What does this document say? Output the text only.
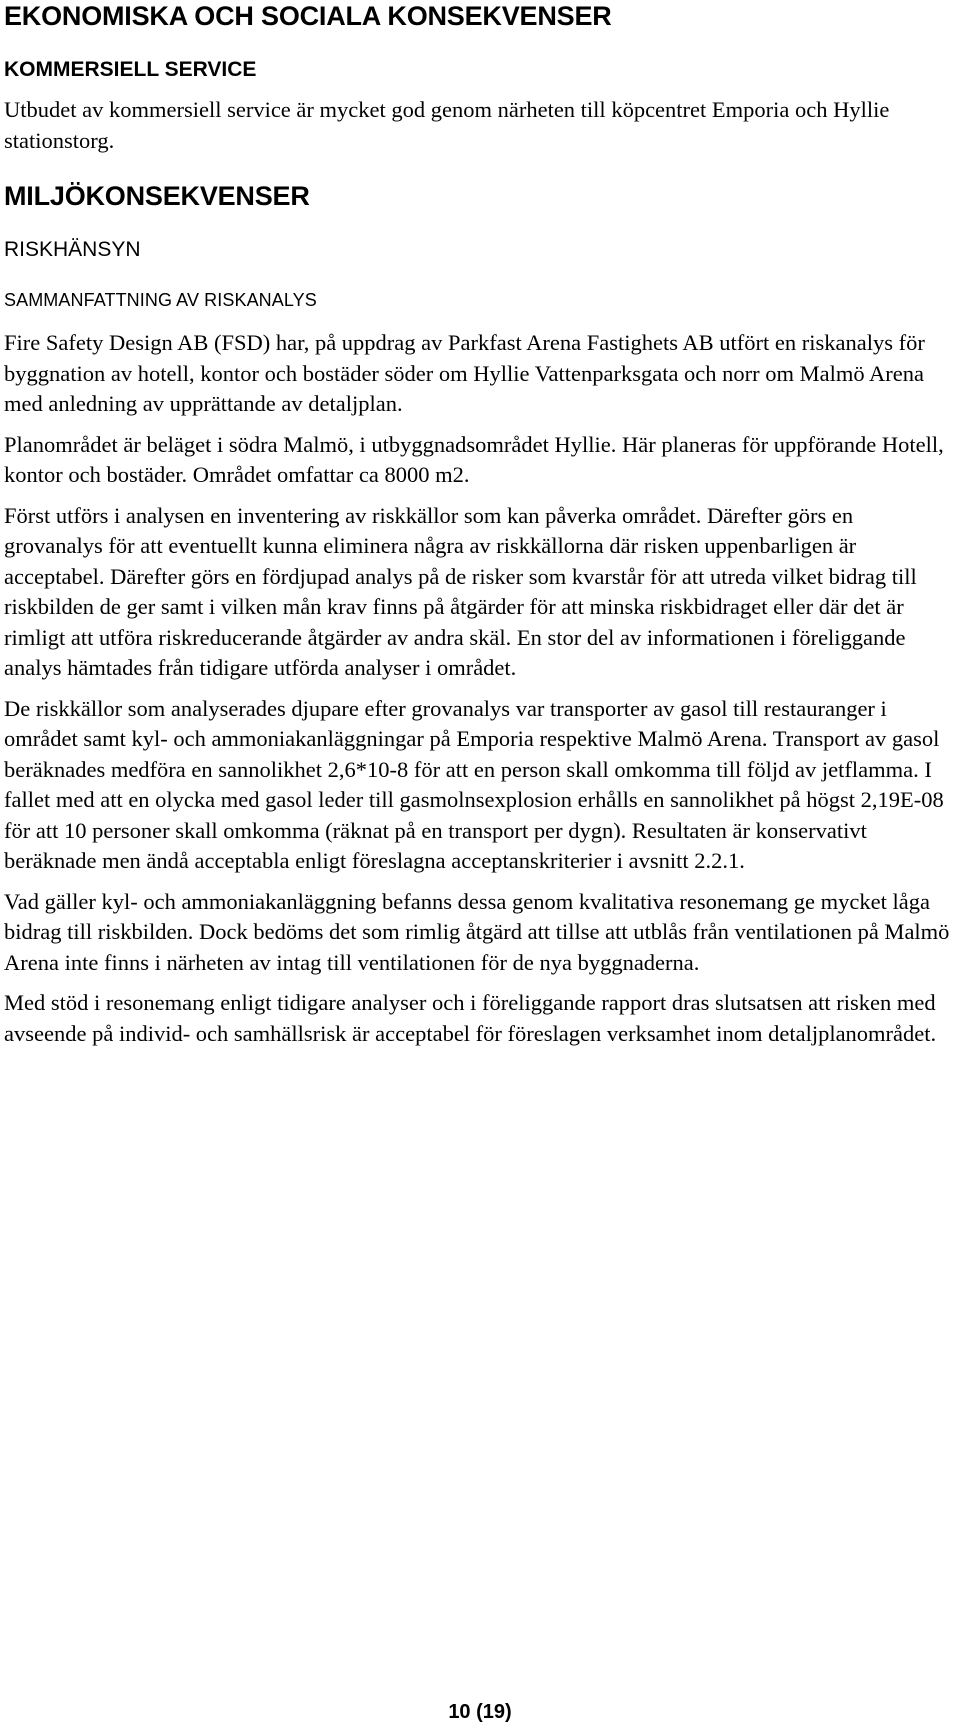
EKONOMISKA OCH SOCIALA KONSEKVENSER
KOMMERSIELL SERVICE

Utbudet av kommersiell service är mycket god genom närheten till köpcentret Emporia och Hyllie stationstorg.

MILJÖKONSEKVENSER
RISKHÄNSYN
SAMMANFATTNING AV RISKANALYS

Fire Safety Design AB (FSD) har, på uppdrag av Parkfast Arena Fastighets AB utfört en riskanalys för byggnation av hotell, kontor och bostäder söder om Hyllie Vattenparksgata och norr om Malmö Arena med anledning av upprättande av detaljplan.

Planområdet är beläget i södra Malmö, i utbyggnadsområdet Hyllie. Här planeras för uppförande Hotell, kontor och bostäder. Området omfattar ca 8000 m2.

Först utförs i analysen en inventering av riskkällor som kan påverka området. Därefter görs en grovanalys för att eventuellt kunna eliminera några av riskkällorna där risken uppenbarligen är acceptabel. Därefter görs en fördjupad analys på de risker som kvarstår för att utreda vilket bidrag till riskbilden de ger samt i vilken mån krav finns på åtgärder för att minska riskbidraget eller där det är rimligt att utföra riskreducerande åtgärder av andra skäl. En stor del av informationen i föreliggande analys hämtades från tidigare utförda analyser i området.

De riskkällor som analyserades djupare efter grovanalys var transporter av gasol till restauranger i området samt kyl- och ammoniakanläggningar på Emporia respektive Malmö Arena. Transport av gasol beräknades medföra en sannolikhet 2,6*10-8 för att en person skall omkomma till följd av jetflamma. I fallet med att en olycka med gasol leder till gasmolnsexplosion erhålls en sannolikhet på högst 2,19E-08 för att 10 personer skall omkomma (räknat på en transport per dygn). Resultaten är konservativt beräknade men ändå acceptabla enligt föreslagna acceptanskriterier i avsnitt 2.2.1.

Vad gäller kyl- och ammoniakanläggning befanns dessa genom kvalitativa resonemang ge mycket låga bidrag till riskbilden. Dock bedöms det som rimlig åtgärd att tillse att utblås från ventilationen på Malmö Arena inte finns i närheten av intag till ventilationen för de nya byggnaderna.

Med stöd i resonemang enligt tidigare analyser och i föreliggande rapport dras slutsatsen att risken med avseende på individ- och samhällsrisk är acceptabel för föreslagen verksamhet inom detaljplanområdet.

10 (19)
